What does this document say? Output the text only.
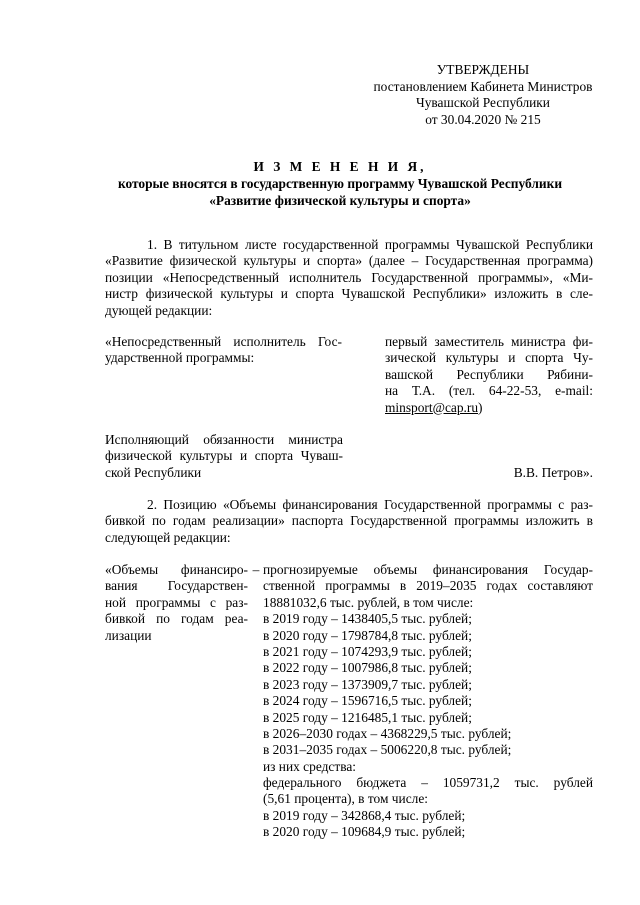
УТВЕРЖДЕНЫ
постановлением Кабинета Министров
Чувашской Республики
от 30.04.2020 № 215
И З М Е Н Е Н И Я,
которые вносятся в государственную программу Чувашской Республики
«Развитие физической культуры и спорта»
1. В титульном листе государственной программы Чувашской Республики
«Развитие физической культуры и спорта» (далее – Государственная программа)
позиции «Непосредственный исполнитель Государственной программы», «Ми-
нистр физической культуры и спорта Чувашской Республики» изложить в сле-
дующей редакции:
«Непосредственный исполнитель Гос-
ударственной программы:
первый заместитель министра фи-
зической культуры и спорта Чу-
вашской Республики Рябини-
на Т.А. (тел. 64-22-53, e-mail:
minsport@cap.ru)
Исполняющий обязанности министра
физической культуры и спорта Чуваш-
ской Республики	В.В. Петров».
2. Позицию «Объемы финансирования Государственной программы с раз-
бивкой по годам реализации» паспорта Государственной программы изложить в
следующей редакции:
«Объемы финансиро-
вания Государствен-
ной программы с раз-
бивкой по годам реа-
лизации
– прогнозируемые объемы финансирования Государ-
ственной программы в 2019–2035 годах составляют
18881032,6 тыс. рублей, в том числе:
в 2019 году – 1438405,5 тыс. рублей;
в 2020 году – 1798784,8 тыс. рублей;
в 2021 году – 1074293,9 тыс. рублей;
в 2022 году – 1007986,8 тыс. рублей;
в 2023 году – 1373909,7 тыс. рублей;
в 2024 году – 1596716,5 тыс. рублей;
в 2025 году – 1216485,1 тыс. рублей;
в 2026–2030 годах – 4368229,5 тыс. рублей;
в 2031–2035 годах – 5006220,8 тыс. рублей;
из них средства:
федерального бюджета – 1059731,2 тыс. рублей
(5,61 процента), в том числе:
в 2019 году – 342868,4 тыс. рублей;
в 2020 году – 109684,9 тыс. рублей;
